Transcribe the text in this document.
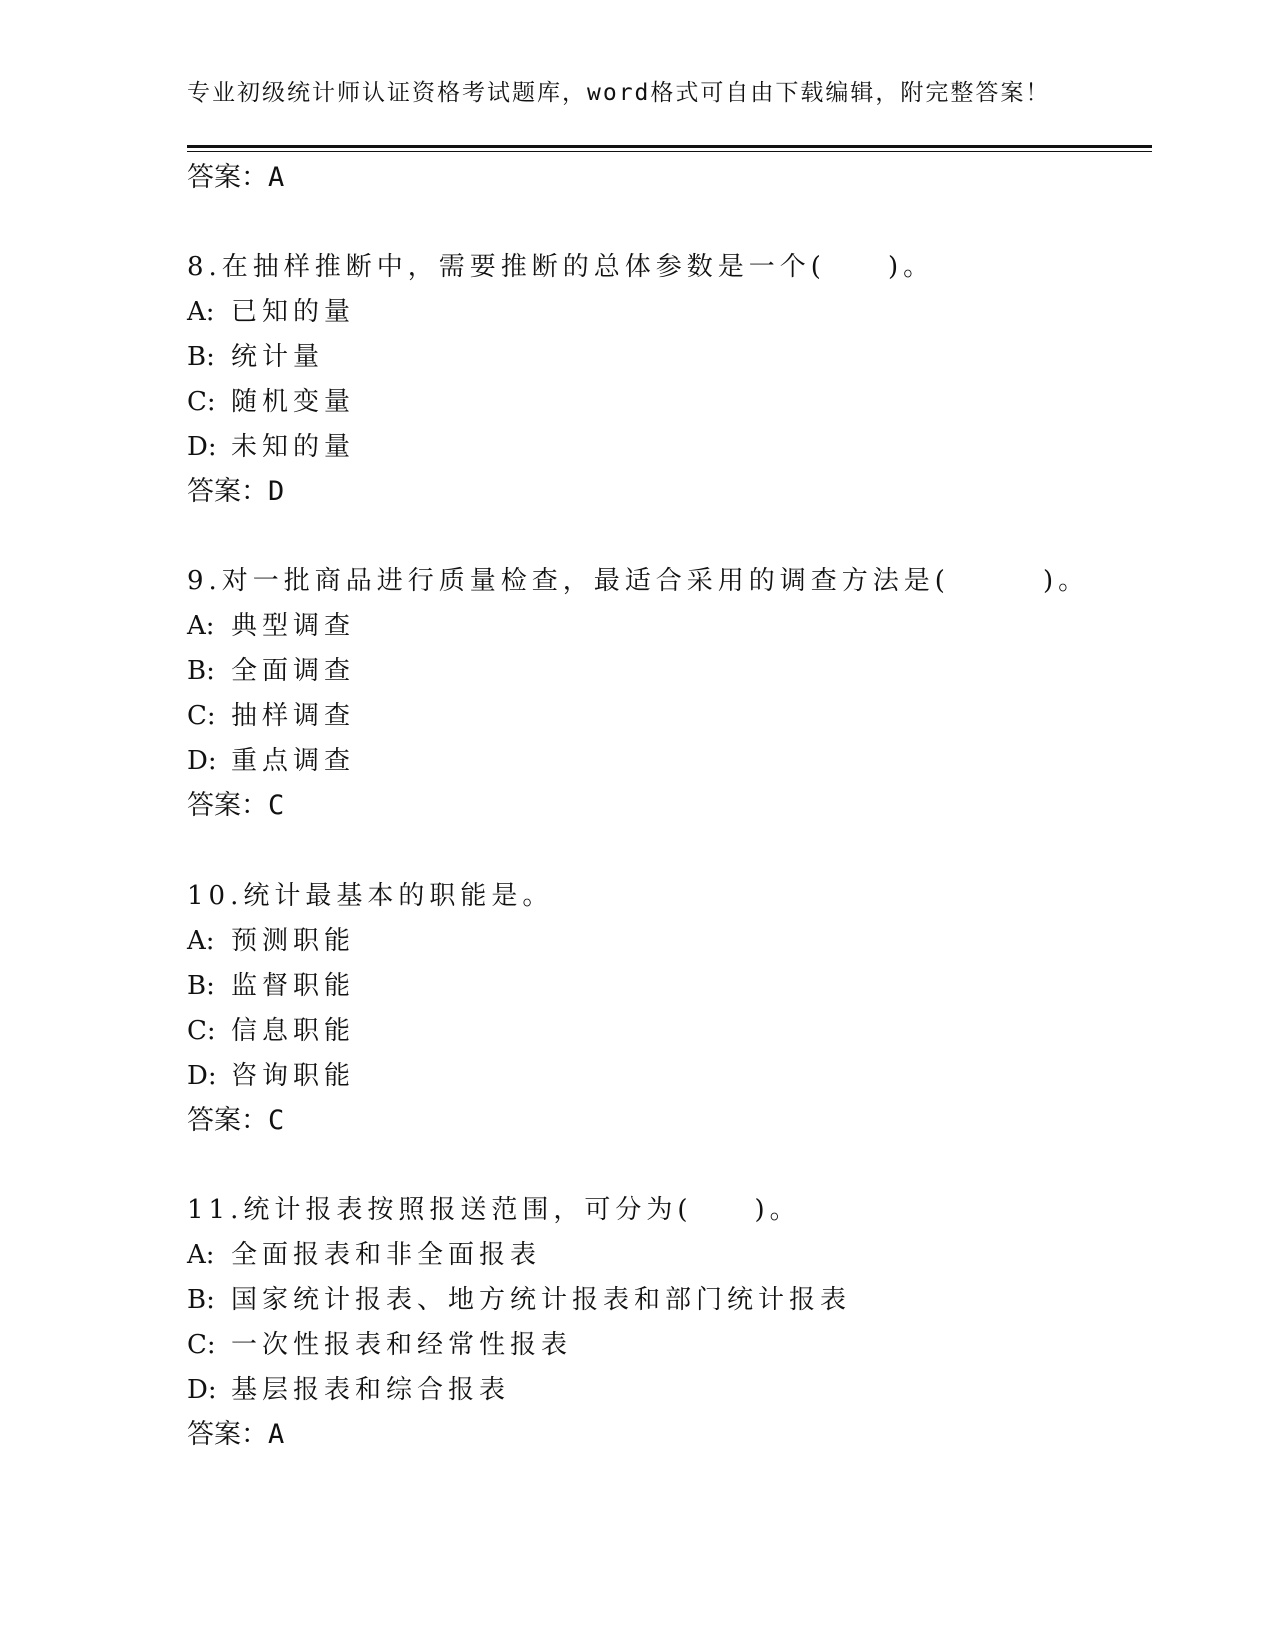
专业初级统计师认证资格考试题库，word格式可自由下载编辑，附完整答案！
答案：A
8.在抽样推断中，需要推断的总体参数是一个(　　)。
A: 已知的量
B: 统计量
C: 随机变量
D: 未知的量
答案：D
9.对一批商品进行质量检查，最适合采用的调查方法是(　　　)。
A: 典型调查
B: 全面调查
C: 抽样调查
D: 重点调查
答案：C
10.统计最基本的职能是。
A: 预测职能
B: 监督职能
C: 信息职能
D: 咨询职能
答案：C
11.统计报表按照报送范围，可分为(　　)。
A: 全面报表和非全面报表
B: 国家统计报表、地方统计报表和部门统计报表
C: 一次性报表和经常性报表
D: 基层报表和综合报表
答案：A
